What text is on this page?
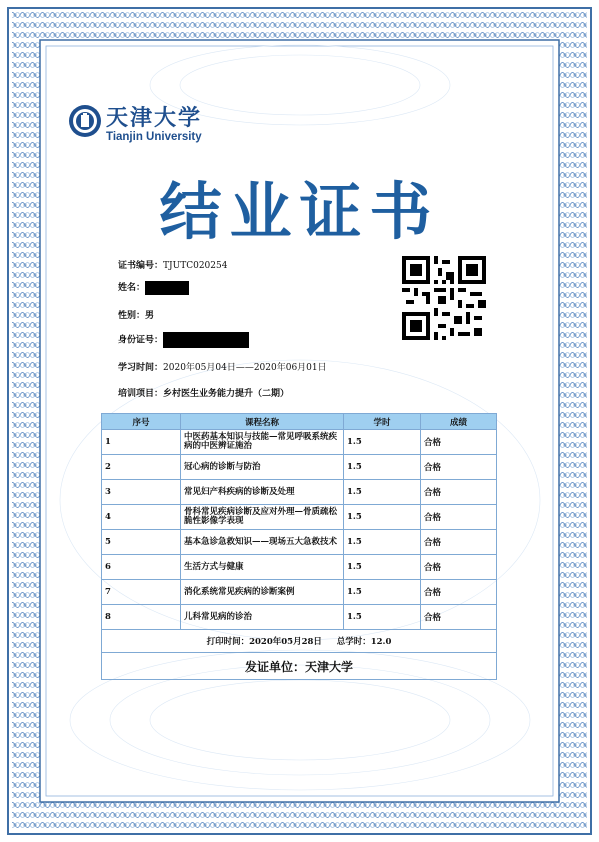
天津大学
Tianjin University
结业证书
证书编号：TJUTC020254
姓名：
性别：男
身份证号：
学习时间：2020年05月04日——2020年06月01日
培训项目：乡村医生业务能力提升（二期）
序号	课程名称	学时	成绩
1	中医药基本知识与技能—常见呼吸系统疾病的中医辨证施治	1.5	合格
2	冠心病的诊断与防治	1.5	合格
3	常见妇产科疾病的诊断及处理	1.5	合格
4	骨科常见疾病诊断及应对外理—骨质疏松脆性影像学表现	1.5	合格
5	基本急诊急救知识——现场五大急救技术	1.5	合格
6	生活方式与健康	1.5	合格
7	消化系统常见疾病的诊断案例	1.5	合格
8	儿科常见病的诊治	1.5	合格
打印时间：2020年05月28日 总学时：12.0			
发证单位：天津大学			
